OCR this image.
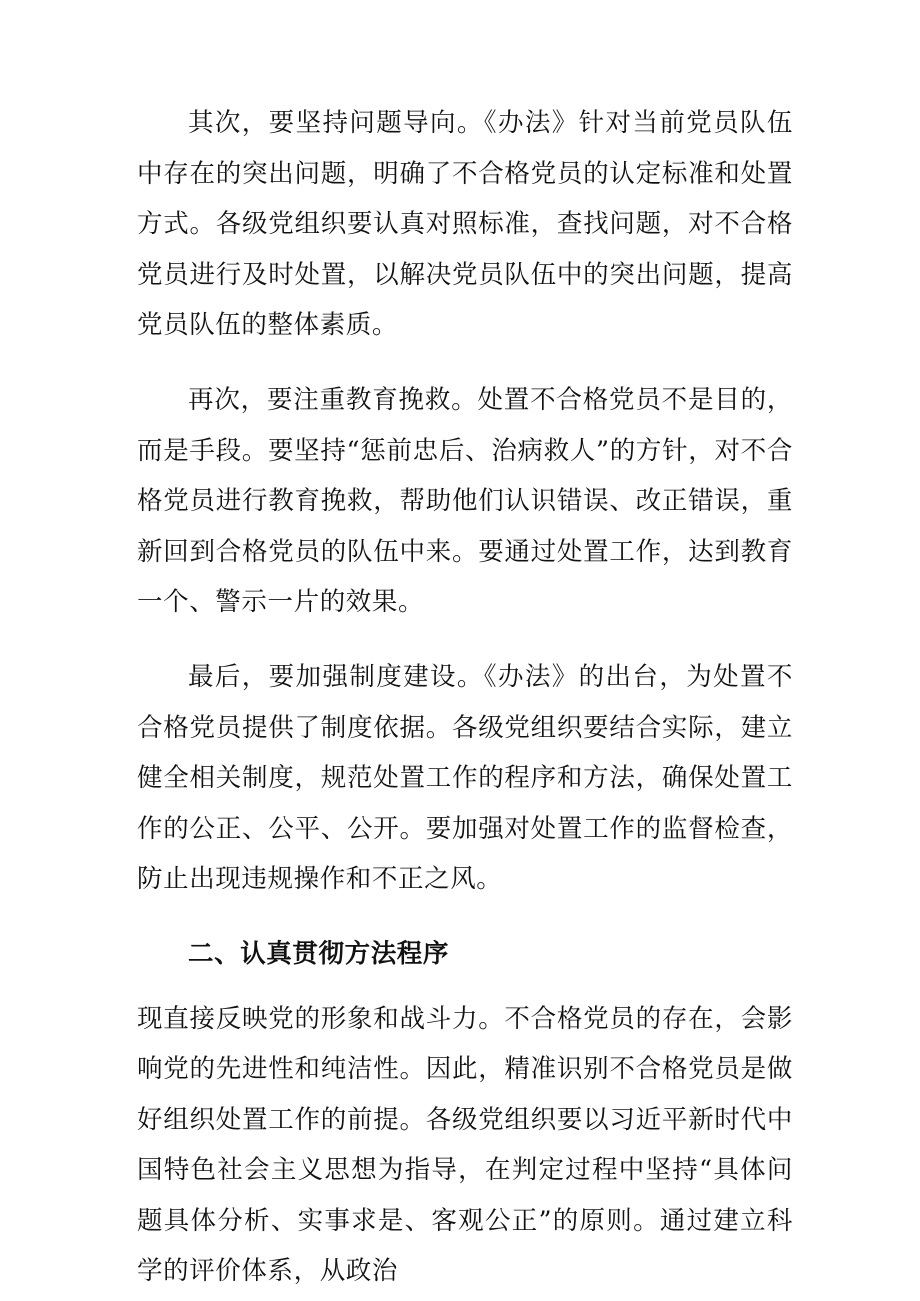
其次，要坚持问题导向。《办法》针对当前党员队伍中存在的突出问题，明确了不合格党员的认定标准和处置方式。各级党组织要认真对照标准，查找问题，对不合格党员进行及时处置，以解决党员队伍中的突出问题，提高党员队伍的整体素质。

再次，要注重教育挽救。处置不合格党员不是目的，而是手段。要坚持“惩前忠后、治病救人”的方针，对不合格党员进行教育挽救，帮助他们认识错误、改正错误，重新回到合格党员的队伍中来。要通过处置工作，达到教育一个、警示一片的效果。

最后，要加强制度建设。《办法》的出台，为处置不合格党员提供了制度依据。各级党组织要结合实际，建立健全相关制度，规范处置工作的程序和方法，确保处置工作的公正、公平、公开。要加强对处置工作的监督检查，防止出现违规操作和不正之风。

二、认真贯彻方法程序

现直接反映党的形象和战斗力。不合格党员的存在，会影响党的先进性和纯洁性。因此，精准识别不合格党员是做好组织处置工作的前提。各级党组织要以习近平新时代中国特色社会主义思想为指导，在判定过程中坚持“具体问题具体分析、实事求是、客观公正”的原则。通过建立科学的评价体系，从政治
